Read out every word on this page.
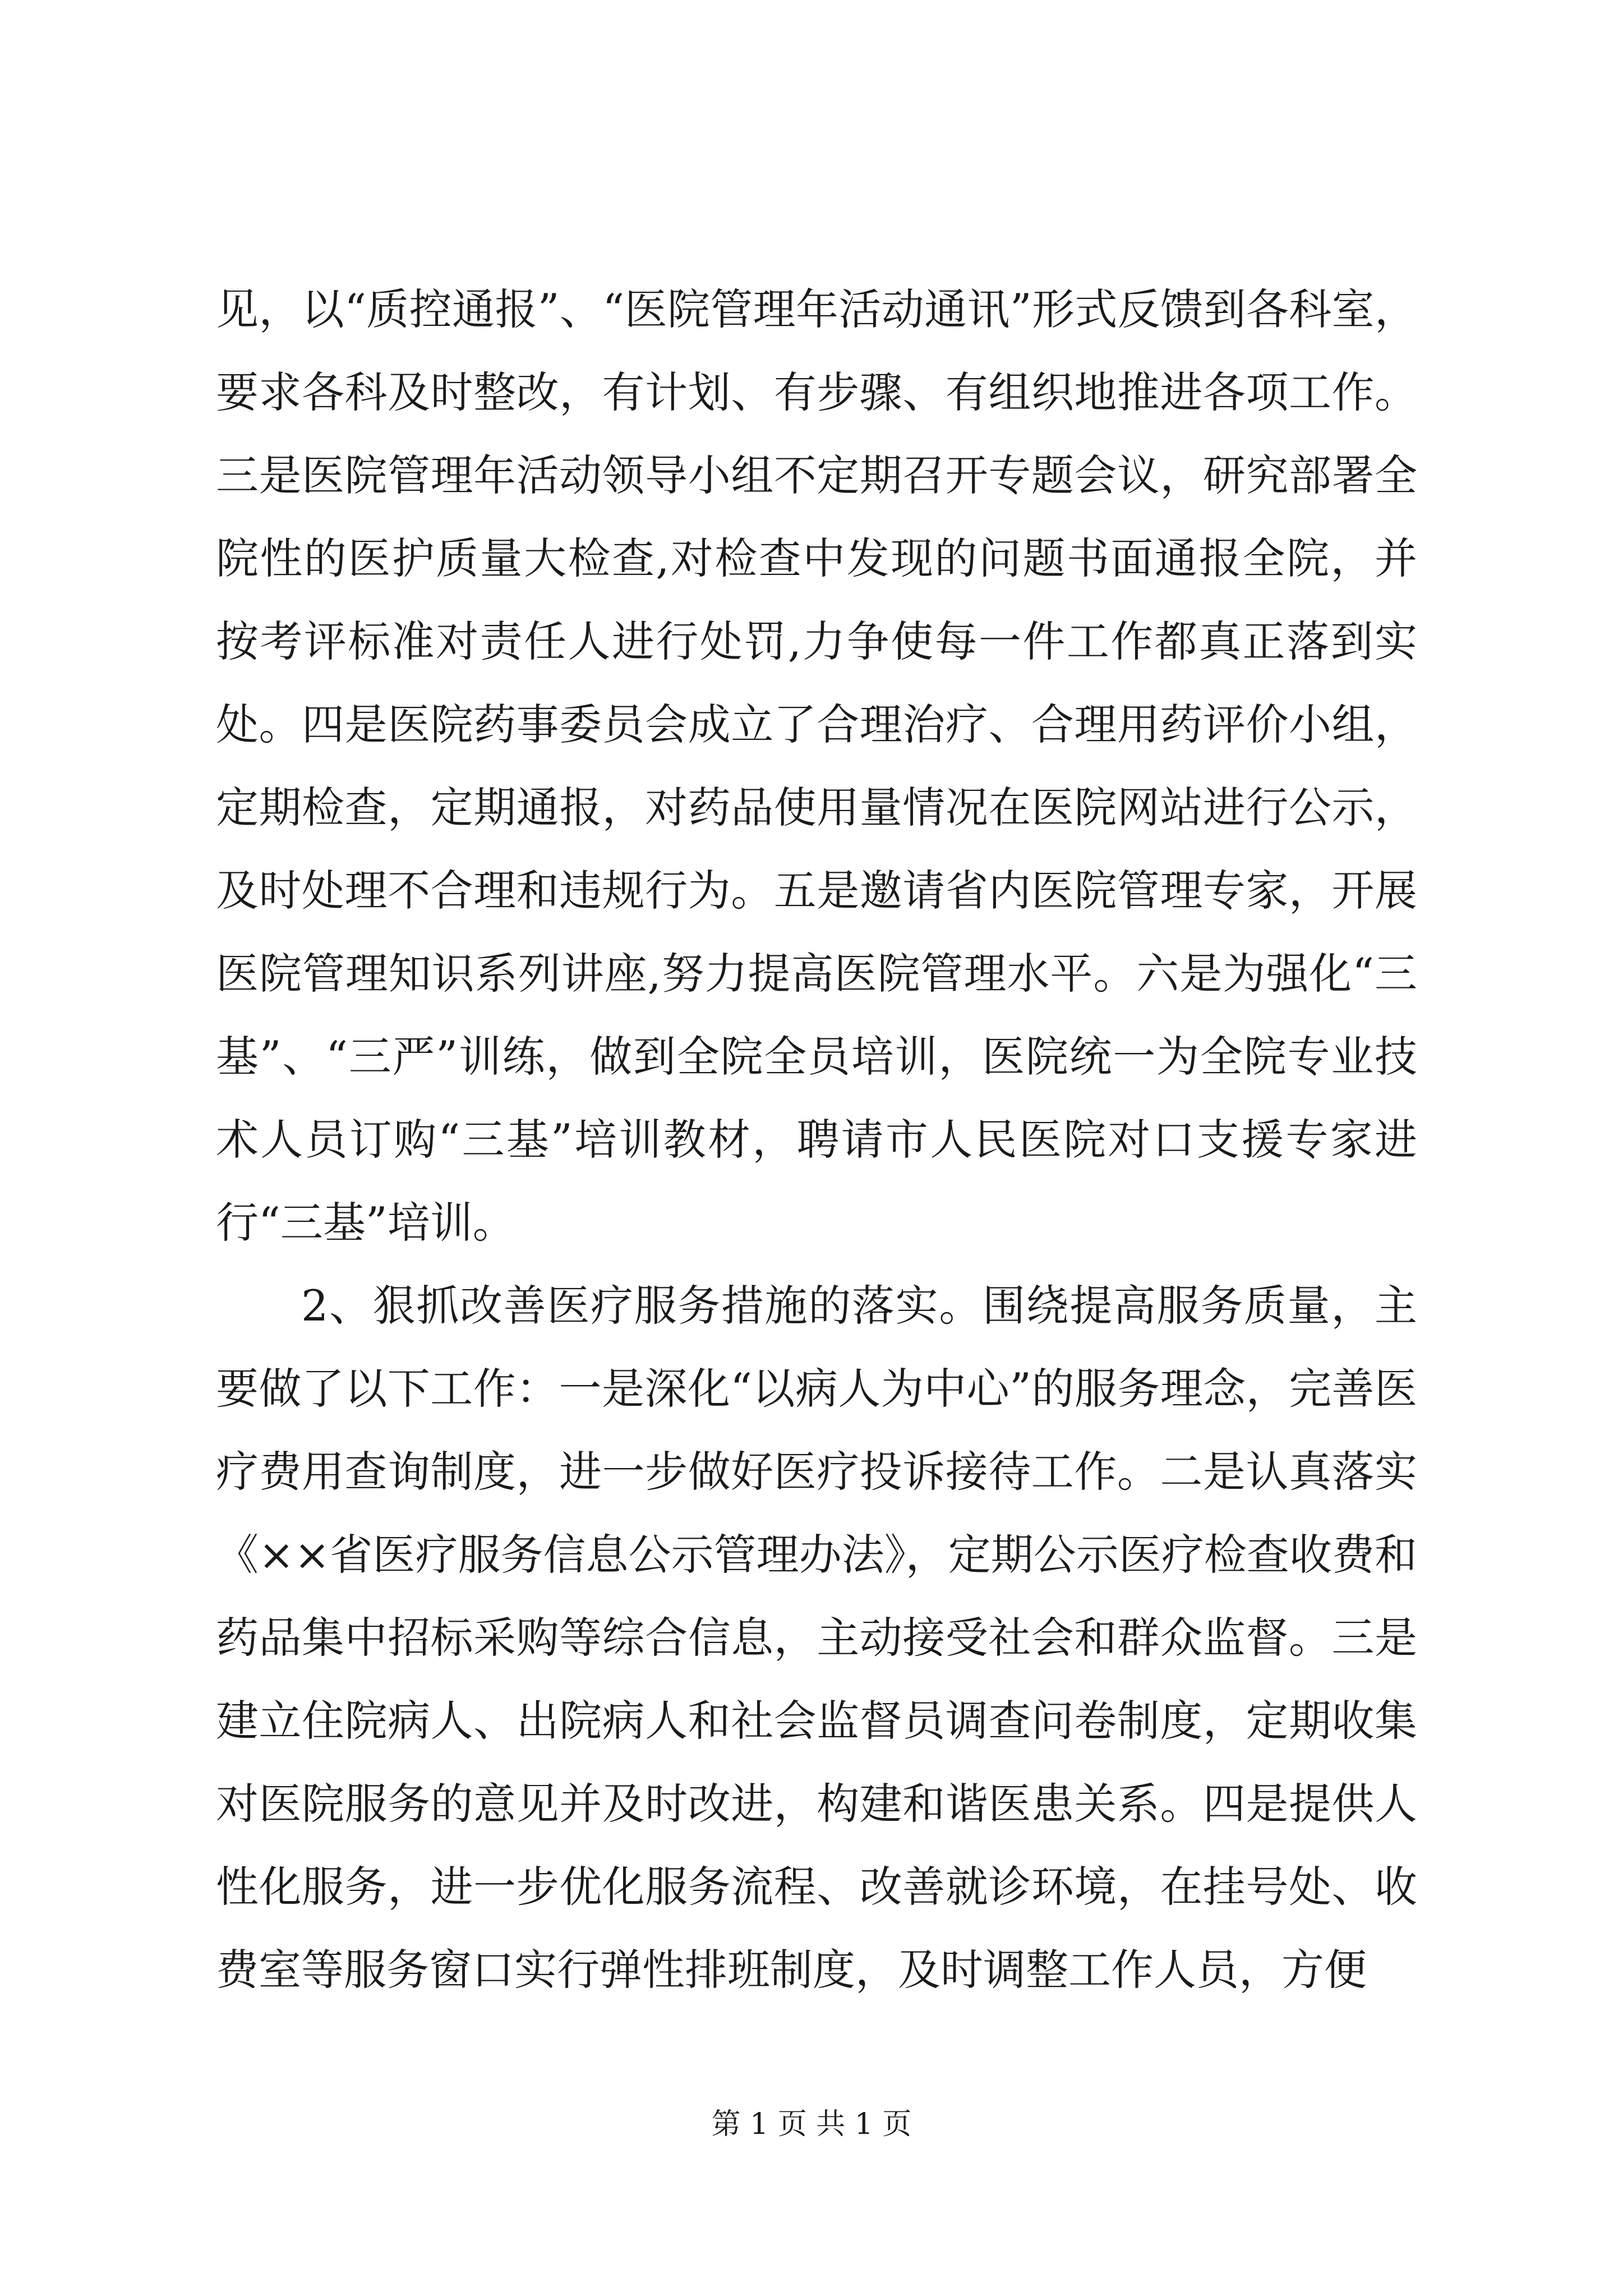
见，以“质控通报”、“医院管理年活动通讯”形式反馈到各科室，要求各科及时整改，有计划、有步骤、有组织地推进各项工作。三是医院管理年活动领导小组不定期召开专题会议，研究部署全院性的医护质量大检查,对检查中发现的问题书面通报全院，并按考评标准对责任人进行处罚,力争使每一件工作都真正落到实处。四是医院药事委员会成立了合理治疗、合理用药评价小组，定期检查，定期通报，对药品使用量情况在医院网站进行公示，及时处理不合理和违规行为。五是邀请省内医院管理专家，开展医院管理知识系列讲座,努力提高医院管理水平。六是为强化“三基”、“三严”训练，做到全院全员培训，医院统一为全院专业技术人员订购“三基”培训教材，聘请市人民医院对口支援专家进行“三基”培训。

2、狠抓改善医疗服务措施的落实。围绕提高服务质量，主要做了以下工作：一是深化“以病人为中心”的服务理念，完善医疗费用查询制度，进一步做好医疗投诉接待工作。二是认真落实《××省医疗服务信息公示管理办法》，定期公示医疗检查收费和药品集中招标采购等综合信息，主动接受社会和群众监督。三是建立住院病人、出院病人和社会监督员调查问卷制度，定期收集对医院服务的意见并及时改进，构建和谐医患关系。四是提供人性化服务，进一步优化服务流程、改善就诊环境，在挂号处、收费室等服务窗口实行弹性排班制度，及时调整工作人员，方便

第 1 页 共 1 页
